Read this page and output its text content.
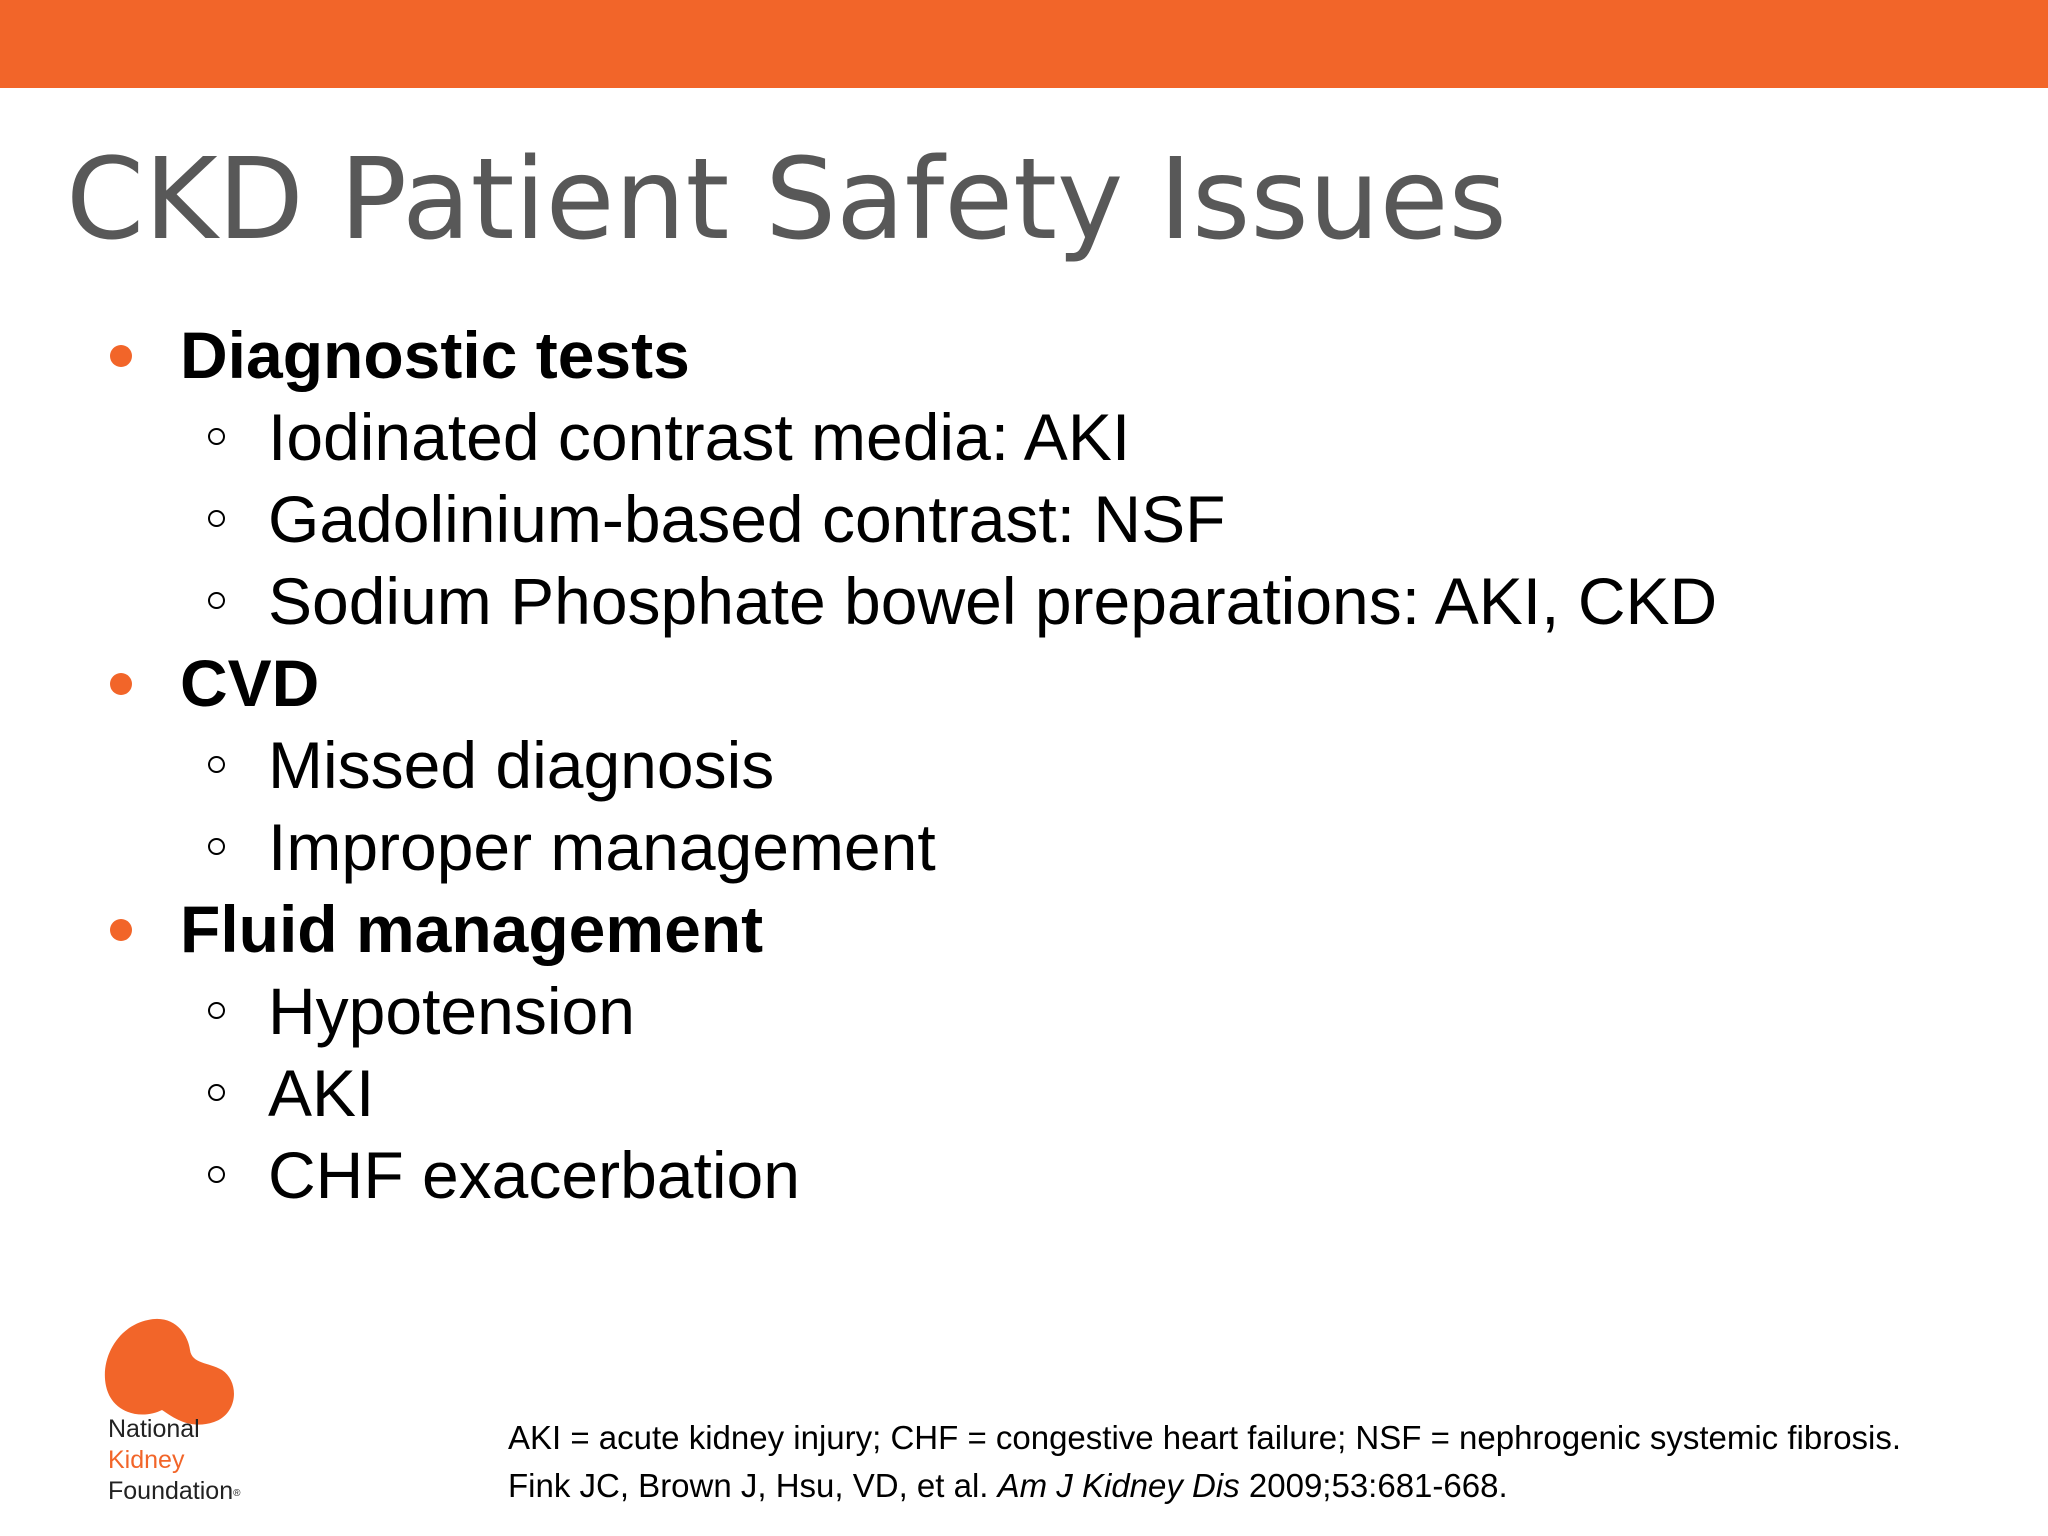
CKD Patient Safety Issues
Diagnostic tests
Iodinated contrast media: AKI
Gadolinium-based contrast: NSF
Sodium Phosphate bowel preparations: AKI, CKD
CVD
Missed diagnosis
Improper management
Fluid management
Hypotension
AKI
CHF exacerbation
National
Kidney
Foundation®
AKI = acute kidney injury; CHF = congestive heart failure; NSF = nephrogenic systemic fibrosis.
Fink JC, Brown J, Hsu, VD, et al. Am J Kidney Dis 2009;53:681-668.
